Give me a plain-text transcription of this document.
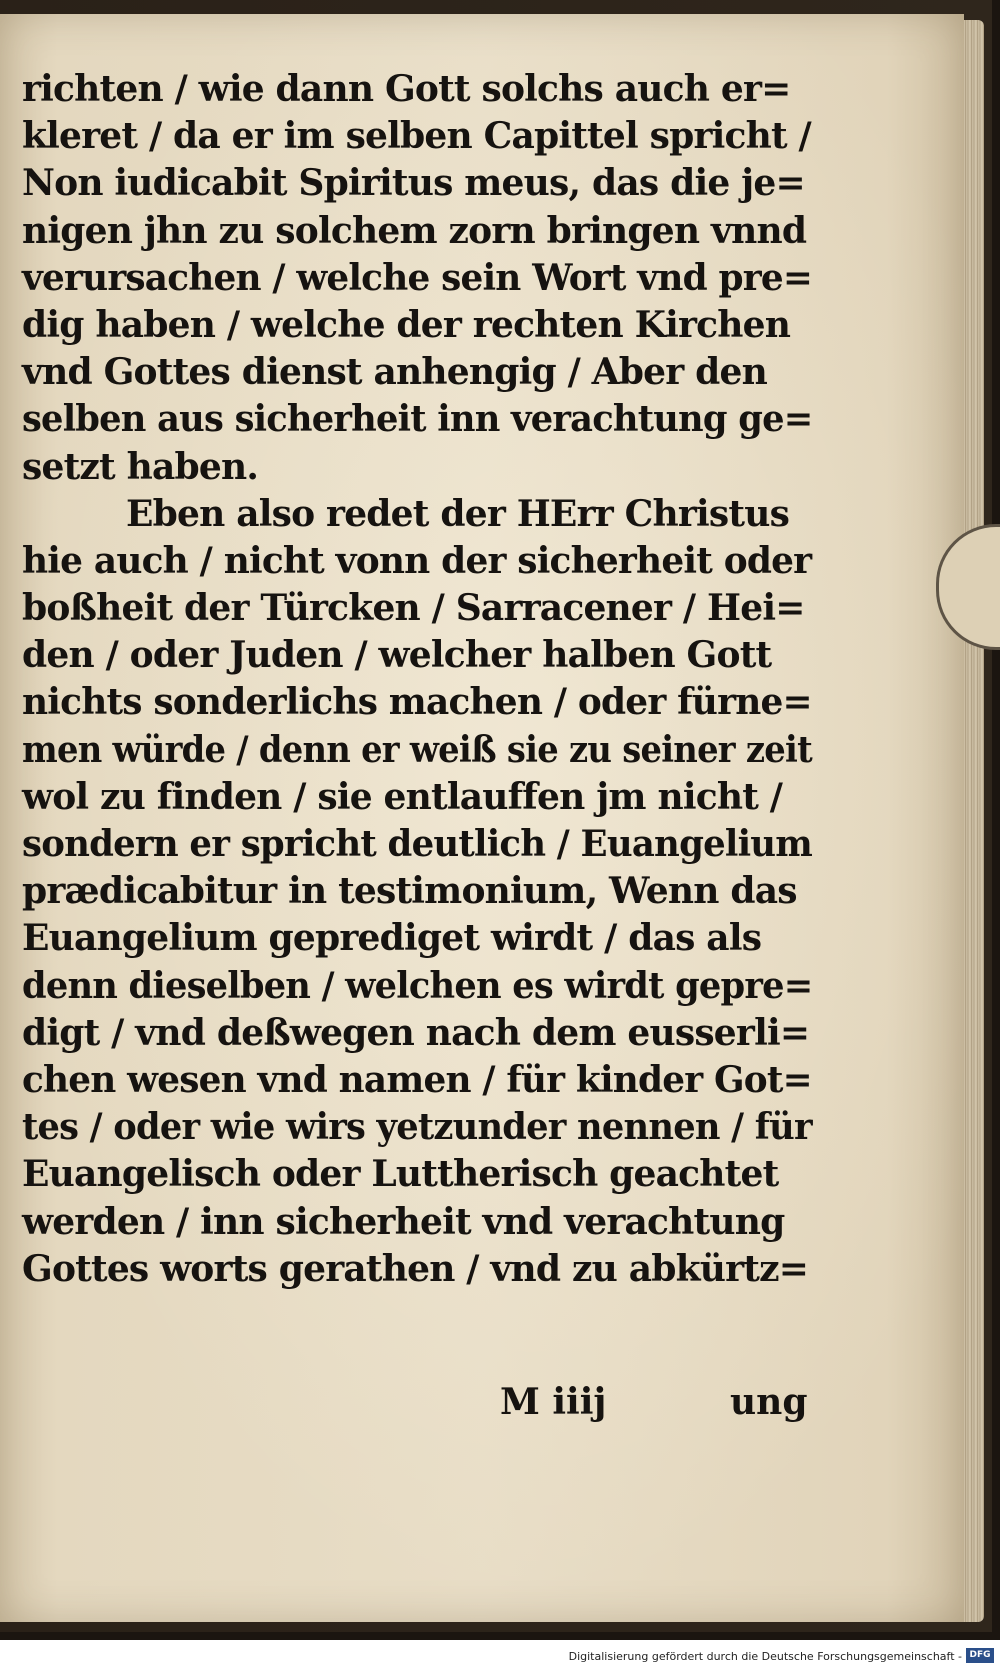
richten / wie dann Gott solchs auch er=
kleret / da er im selben Capittel spricht /
Non iudicabit Spiritus meus, das die je=
nigen jhn zu solchem zorn bringen vnnd
verursachen / welche sein Wort vnd pre=
dig haben / welche der rechten Kirchen
vnd Gottes dienst anhengig / Aber den
selben aus sicherheit inn verachtung ge=
setzt haben.
Eben also redet der HErr Christus
hie auch / nicht vonn der sicherheit oder
boßheit der Türcken / Sarracener / Hei=
den / oder Juden / welcher halben Gott
nichts sonderlichs machen / oder fürne=
men würde / denn er weiß sie zu seiner zeit
wol zu finden / sie entlauffen jm nicht /
sondern er spricht deutlich / Euangelium
prædicabitur in testimonium, Wenn das
Euangelium geprediget wirdt / das als
denn dieselben / welchen es wirdt gepre=
digt / vnd deßwegen nach dem eusserli=
chen wesen vnd namen / für kinder Got=
tes / oder wie wirs yetzunder nennen / für
Euangelisch oder Luttherisch geachtet
werden / inn sicherheit vnd verachtung
Gottes worts gerathen / vnd zu abkürtz=
M iiij	ung
Digitalisierung gefördert durch die Deutsche Forschungsgemeinschaft - DFG
